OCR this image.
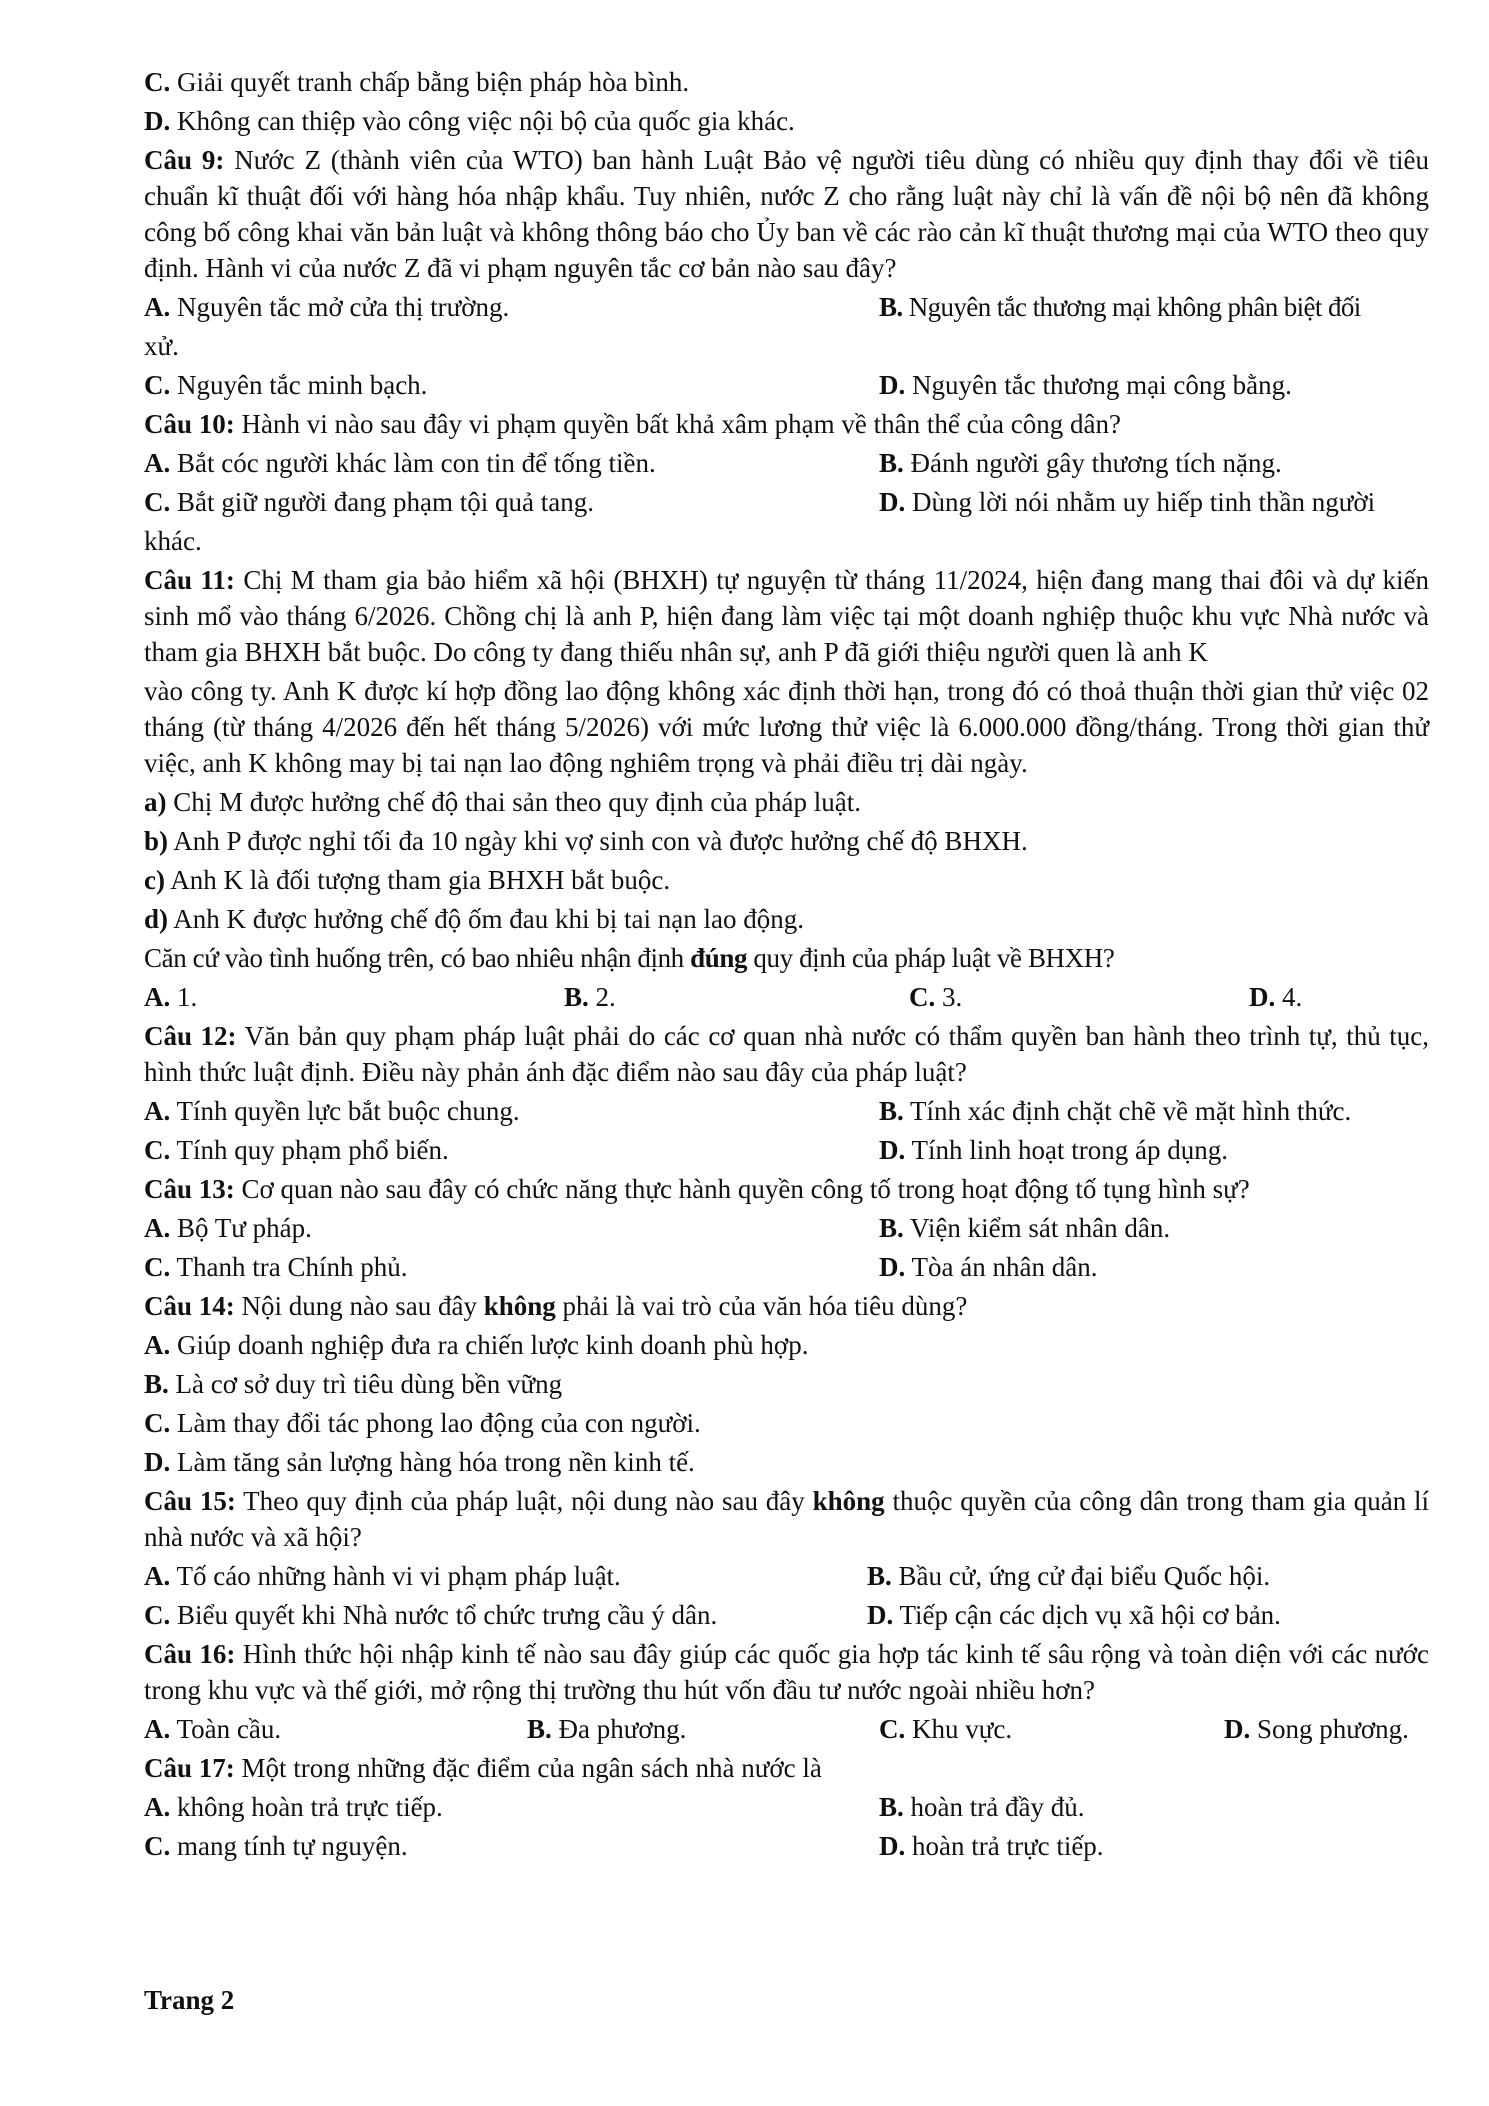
C. Giải quyết tranh chấp bằng biện pháp hòa bình.
D. Không can thiệp vào công việc nội bộ của quốc gia khác.
Câu 9: Nước Z (thành viên của WTO) ban hành Luật Bảo vệ người tiêu dùng có nhiều quy định thay đổi về tiêu chuẩn kĩ thuật đối với hàng hóa nhập khẩu. Tuy nhiên, nước Z cho rằng luật này chỉ là vấn đề nội bộ nên đã không công bố công khai văn bản luật và không thông báo cho Ủy ban về các rào cản kĩ thuật thương mại của WTO theo quy định. Hành vi của nước Z đã vi phạm nguyên tắc cơ bản nào sau đây?
A. Nguyên tắc mở cửa thị trường.	B. Nguyên tắc thương mại không phân biệt đối
xử.
C. Nguyên tắc minh bạch.	D. Nguyên tắc thương mại công bằng.
Câu 10: Hành vi nào sau đây vi phạm quyền bất khả xâm phạm về thân thể của công dân?
A. Bắt cóc người khác làm con tin để tống tiền.	B. Đánh người gây thương tích nặng.
C. Bắt giữ người đang phạm tội quả tang.	D. Dùng lời nói nhằm uy hiếp tinh thần người
khác.
Câu 11: Chị M tham gia bảo hiểm xã hội (BHXH) tự nguyện từ tháng 11/2024, hiện đang mang thai đôi và dự kiến sinh mổ vào tháng 6/2026. Chồng chị là anh P, hiện đang làm việc tại một doanh nghiệp thuộc khu vực Nhà nước và tham gia BHXH bắt buộc. Do công ty đang thiếu nhân sự, anh P đã giới thiệu người quen là anh K
vào công ty. Anh K được kí hợp đồng lao động không xác định thời hạn, trong đó có thoả thuận thời gian thử việc 02 tháng (từ tháng 4/2026 đến hết tháng 5/2026) với mức lương thử việc là 6.000.000 đồng/tháng. Trong thời gian thử việc, anh K không may bị tai nạn lao động nghiêm trọng và phải điều trị dài ngày.
a) Chị M được hưởng chế độ thai sản theo quy định của pháp luật.
b) Anh P được nghỉ tối đa 10 ngày khi vợ sinh con và được hưởng chế độ BHXH.
c) Anh K là đối tượng tham gia BHXH bắt buộc.
d) Anh K được hưởng chế độ ốm đau khi bị tai nạn lao động.
Căn cứ vào tình huống trên, có bao nhiêu nhận định đúng quy định của pháp luật về BHXH?
A. 1.	B. 2.	C. 3.	D. 4.
Câu 12: Văn bản quy phạm pháp luật phải do các cơ quan nhà nước có thẩm quyền ban hành theo trình tự, thủ tục, hình thức luật định. Điều này phản ánh đặc điểm nào sau đây của pháp luật?
A. Tính quyền lực bắt buộc chung.	B. Tính xác định chặt chẽ về mặt hình thức.
C. Tính quy phạm phổ biến.	D. Tính linh hoạt trong áp dụng.
Câu 13: Cơ quan nào sau đây có chức năng thực hành quyền công tố trong hoạt động tố tụng hình sự?
A. Bộ Tư pháp.	B. Viện kiểm sát nhân dân.
C. Thanh tra Chính phủ.	D. Tòa án nhân dân.
Câu 14: Nội dung nào sau đây không phải là vai trò của văn hóa tiêu dùng?
A. Giúp doanh nghiệp đưa ra chiến lược kinh doanh phù hợp.
B. Là cơ sở duy trì tiêu dùng bền vững
C. Làm thay đổi tác phong lao động của con người.
D. Làm tăng sản lượng hàng hóa trong nền kinh tế.
Câu 15: Theo quy định của pháp luật, nội dung nào sau đây không thuộc quyền của công dân trong tham gia quản lí nhà nước và xã hội?
A. Tố cáo những hành vi vi phạm pháp luật.	B. Bầu cử, ứng cử đại biểu Quốc hội.
C. Biểu quyết khi Nhà nước tổ chức trưng cầu ý dân.	D. Tiếp cận các dịch vụ xã hội cơ bản.
Câu 16: Hình thức hội nhập kinh tế nào sau đây giúp các quốc gia hợp tác kinh tế sâu rộng và toàn diện với các nước trong khu vực và thế giới, mở rộng thị trường thu hút vốn đầu tư nước ngoài nhiều hơn?
A. Toàn cầu.	B. Đa phương.	C. Khu vực.	D. Song phương.
Câu 17: Một trong những đặc điểm của ngân sách nhà nước là
A. không hoàn trả trực tiếp.	B. hoàn trả đầy đủ.
C. mang tính tự nguyện.	D. hoàn trả trực tiếp.
Trang 2
